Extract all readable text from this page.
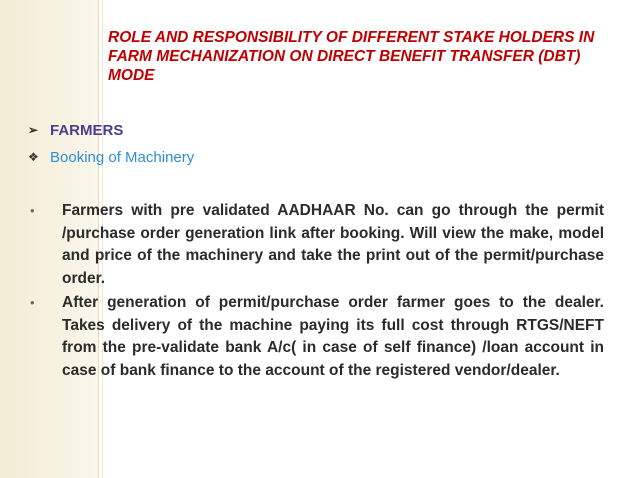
ROLE AND RESPONSIBILITY OF DIFFERENT STAKE HOLDERS IN FARM MECHANIZATION ON DIRECT BENEFIT TRANSFER (DBT) MODE

➢ FARMERS
❖ Booking of Machinery
• Farmers with pre validated AADHAAR No. can go through the permit /purchase order generation link after booking. Will view the make, model and price of the machinery and take the print out of the permit/purchase order.
• After generation of permit/purchase order farmer goes to the dealer. Takes delivery of the machine paying its full cost through RTGS/NEFT from the pre-validate bank A/c( in case of self finance) /loan account in case of bank finance to the account of the registered vendor/dealer.
